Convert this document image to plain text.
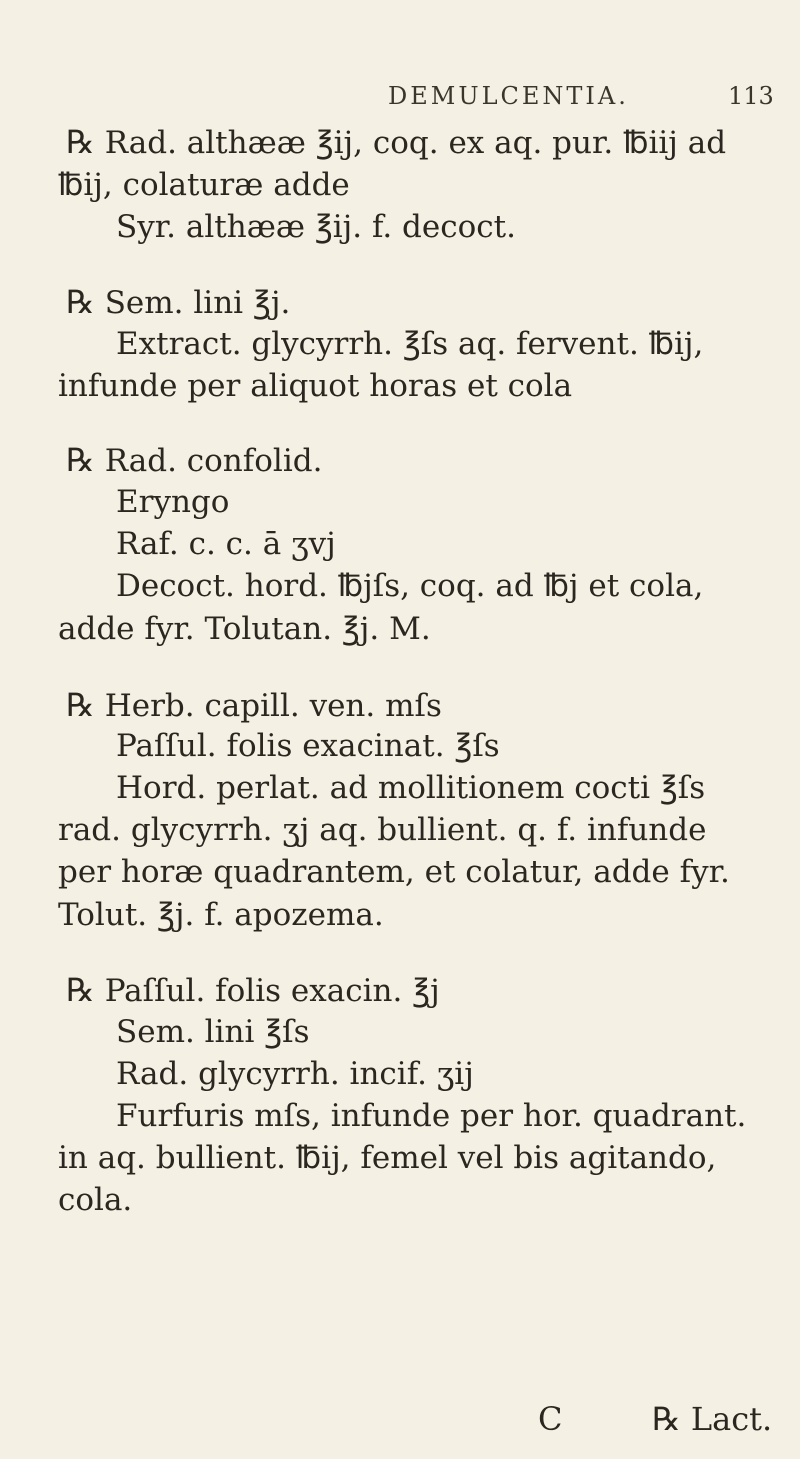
DEMULCENTIA.	113
℞ Rad. althææ ℥ij, coq. ex aq. pur. ℔iij ad
℔ij, colaturæ adde
Syr. althææ ℥ij. f. decoct.
℞ Sem. lini ℥j.
Extract. glycyrrh. ℥ſs aq. fervent. ℔ij,
infunde per aliquot horas et cola
℞ Rad. confolid.
Eryngo
Raf. c. c. ā ʒvj
Decoct. hord. ℔jſs, coq. ad ℔j et cola,
adde fyr. Tolutan. ℥j. M.
℞ Herb. capill. ven. mſs
Paſſul. folis exacinat. ℥ſs
Hord. perlat. ad mollitionem cocti ℥ſs
rad. glycyrrh. ʒj aq. bullient. q. f. infunde
per horæ quadrantem, et colatur, adde fyr.
Tolut. ℥j. f. apozema.
℞ Paſſul. folis exacin. ℥j
Sem. lini ℥ſs
Rad. glycyrrh. incif. ʒij
Furfuris mſs, infunde per hor. quadrant.
in aq. bullient. ℔ij, femel vel bis agitando,
cola.
C	℞ Lact.
